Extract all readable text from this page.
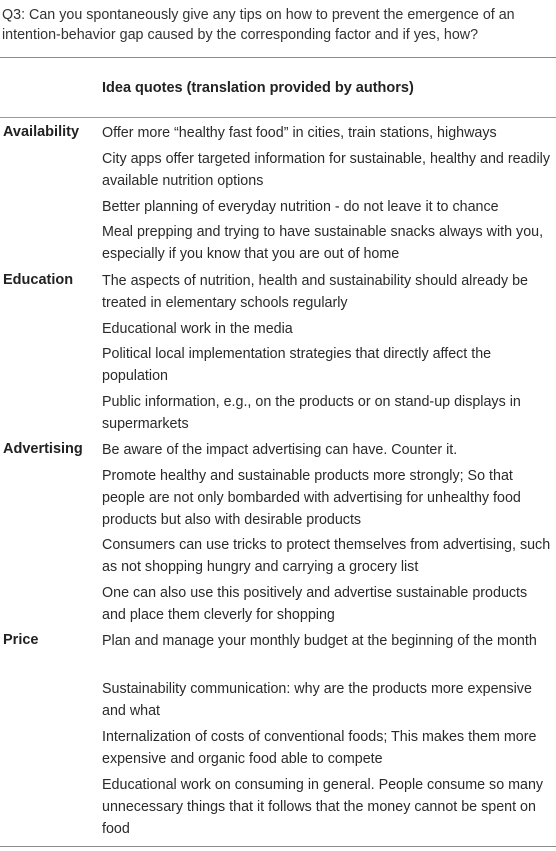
Q3: Can you spontaneously give any tips on how to prevent the emergence of an intention-behavior gap caused by the corresponding factor and if yes, how?
Idea quotes (translation provided by authors)
Availability Offer more “healthy fast food” in cities, train stations, highways
City apps offer targeted information for sustainable, healthy and readily available nutrition options
Better planning of everyday nutrition - do not leave it to chance
Meal prepping and trying to have sustainable snacks always with you, especially if you know that you are out of home
Education The aspects of nutrition, health and sustainability should already be treated in elementary schools regularly
Educational work in the media
Political local implementation strategies that directly affect the population
Public information, e.g., on the products or on stand-up displays in supermarkets
Advertising Be aware of the impact advertising can have. Counter it.
Promote healthy and sustainable products more strongly; So that people are not only bombarded with advertising for unhealthy food products but also with desirable products
Consumers can use tricks to protect themselves from advertising, such as not shopping hungry and carrying a grocery list
One can also use this positively and advertise sustainable products and place them cleverly for shopping
Price	Plan and manage your monthly budget at the beginning of the month
Sustainability communication: why are the products more expensive and what
Internalization of costs of conventional foods; This makes them more expensive and organic food able to compete
Educational work on consuming in general. People consume so many unnecessary things that it follows that the money cannot be spent on food
